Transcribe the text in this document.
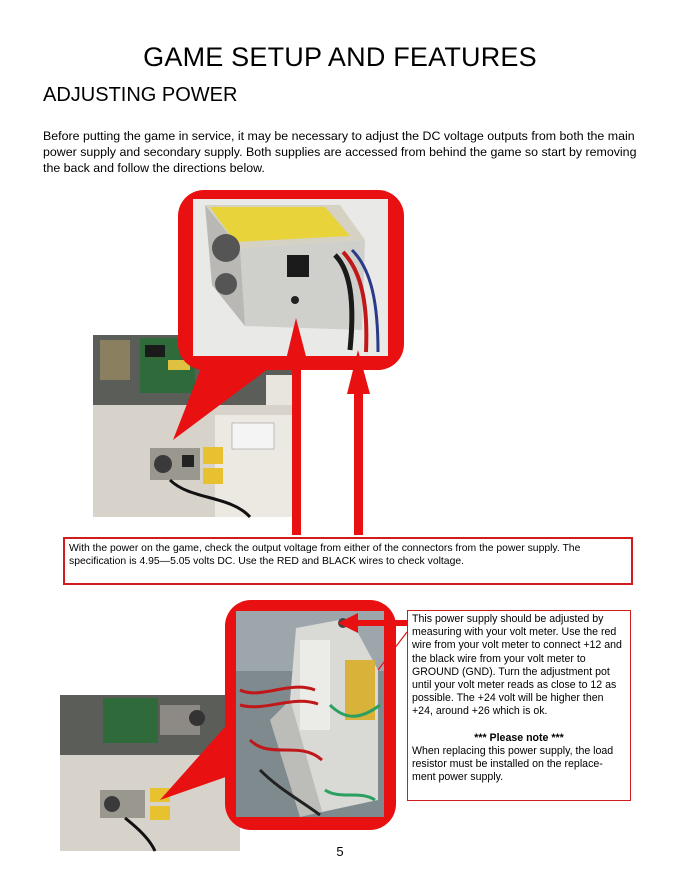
GAME SETUP AND FEATURES
ADJUSTING POWER
Before putting the game in service, it may be necessary to adjust the DC voltage outputs from both the main power supply and secondary supply. Both supplies are accessed from behind the game so start by removing the back and follow the directions below.
With the power on the game, check the output voltage from either of the connectors from the power supply. The specification is 4.95—5.05 volts DC. Use the RED and BLACK wires to check voltage.
This power supply should be adjusted by measuring with your volt meter. Use the red wire from your volt meter to connect +12 and the black wire from your volt meter to GROUND (GND). Turn the adjustment pot until your volt meter reads as close to 12 as possible. The +24 volt will be higher then +24, around +26 which is ok.
*** Please note ***
When replacing this power supply, the load resistor must be installed on the replace-ment power supply.
5
